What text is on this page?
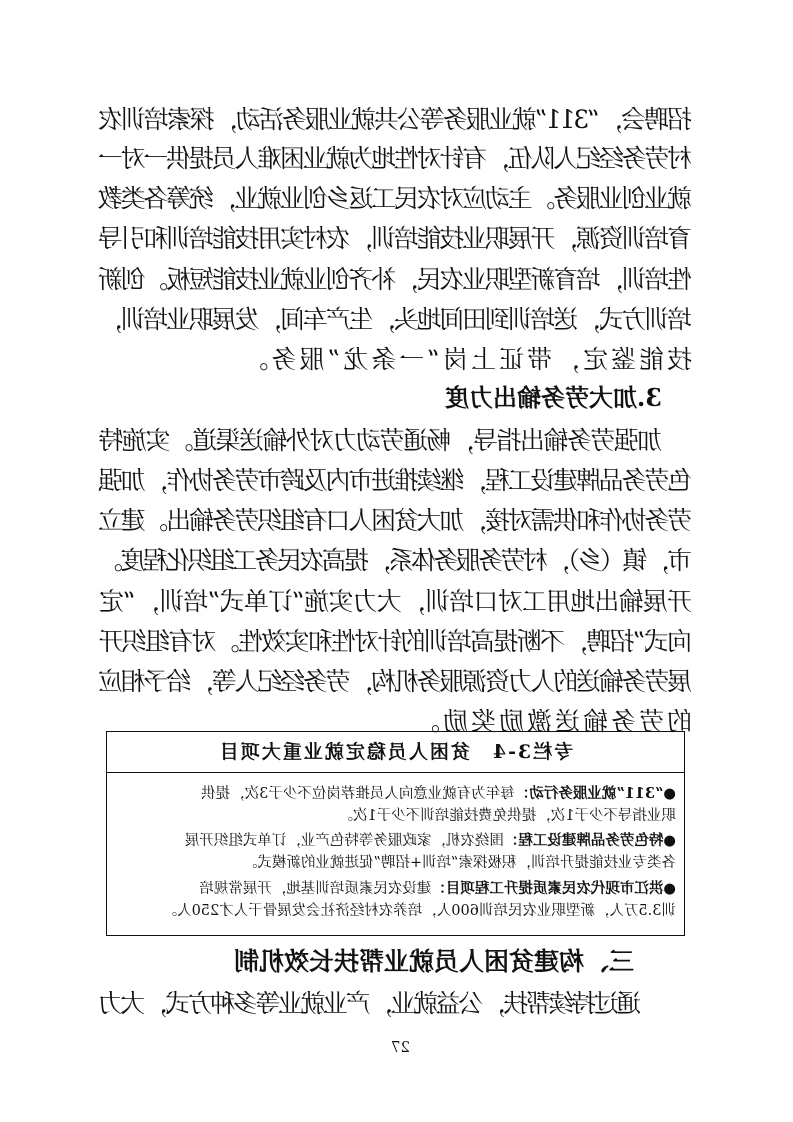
招聘会，“311”就业服务等公共就业服务活动，探索培训农
村劳务经纪人队伍，有针对性地为就业困难人员提供一对一
就业创业服务。主动应对农民工返乡创业就业，统筹各类教
育培训资源，开展职业技能培训，农村实用技能培训和引导
性培训，培育新型职业农民，补齐创业就业技能短板。创新
培训方式，送培训到田间地头，生产车间，发展职业培训，
技能鉴定，带证上岗“一条龙”服务。
3.加大劳务输出力度
加强劳务输出指导，畅通劳动力对外输送渠道。实施特
色劳务品牌建设工程，继续推进市内及跨市劳务协作，加强
劳务协作和供需对接，加大贫困人口有组织劳务输出。建立
市，镇（乡），村劳务服务体系，提高农民务工组织化程度。
开展输出地用工对口培训，大力实施“订单式”培训，“定
向式”招聘，不断提高培训的针对性和实效性。对有组织开
展劳务输送的人力资源服务机构，劳务经纪人等，给予相应
的劳务输送激励奖励。
专栏3-4　贫困人员稳定就业重大项目
●“311”就业服务行动：每年为有就业意向人员推荐岗位不少于3次，提供
职业指导不少于1次，提供免费技能培训不少于1次。
●特色劳务品牌建设工程：围绕农机，家政服务等特色产业，订单式组织开展
各类专业技能提升培训，积极探索“培训+招聘”促进就业的新模式。
●洪江市现代农民素质提升工程项目：建设农民素质培训基地，开展常规培
训3.5万人，新型职业农民培训600人，培养农村经济社会发展骨干人才250人。
三、构建贫困人员就业帮扶长效机制
通过持续帮扶，公益就业，产业就业等多种方式，大力
27
